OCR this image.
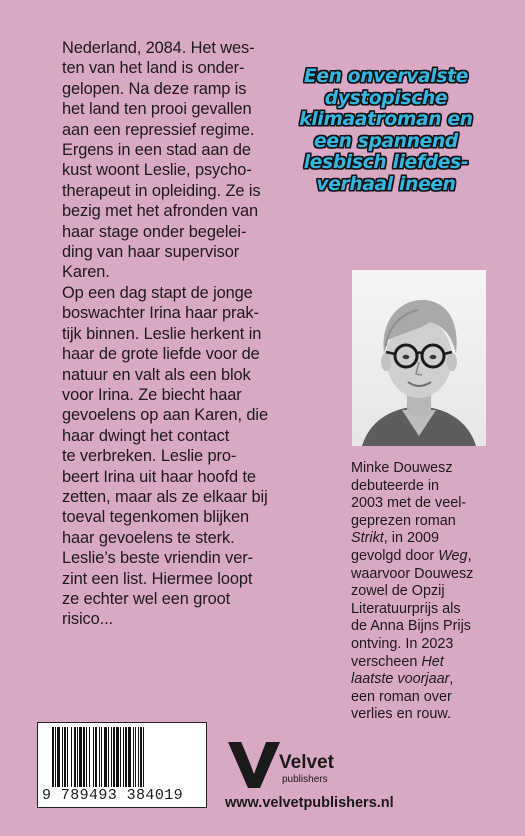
Nederland, 2084. Het wes-
ten van het land is onder-
gelopen. Na deze ramp is
het land ten prooi gevallen
aan een repressief regime.
Ergens in een stad aan de
kust woont Leslie, psycho-
therapeut in opleiding. Ze is
bezig met het afronden van
haar stage onder begelei-
ding van haar supervisor
Karen.

Op een dag stapt de jonge
boswachter Irina haar prak-
tijk binnen. Leslie herkent in
haar de grote liefde voor de
natuur en valt als een blok
voor Irina. Ze biecht haar
gevoelens op aan Karen, die
haar dwingt het contact
te verbreken. Leslie pro-
beert Irina uit haar hoofd te
zetten, maar als ze elkaar bij
toeval tegenkomen blijken
haar gevoelens te sterk.
Leslie’s beste vriendin ver-
zint een list. Hiermee loopt
ze echter wel een groot
risico...

Een onvervalste
dystopische
klimaatroman en
een spannend
lesbisch liefdes-
verhaal ineen
Minke Douwesz
debuteerde in
2003 met de veel-
geprezen roman
Strikt, in 2009
gevolgd door Weg,
waarvoor Douwesz
zowel de Opzij
Literatuurprijs als
de Anna Bijns Prijs
ontving. In 2023
verscheen Het
laatste voorjaar,
een roman over
verlies en rouw.
9 789493 384019
Velvet
publishers
www.velvetpublishers.nl
